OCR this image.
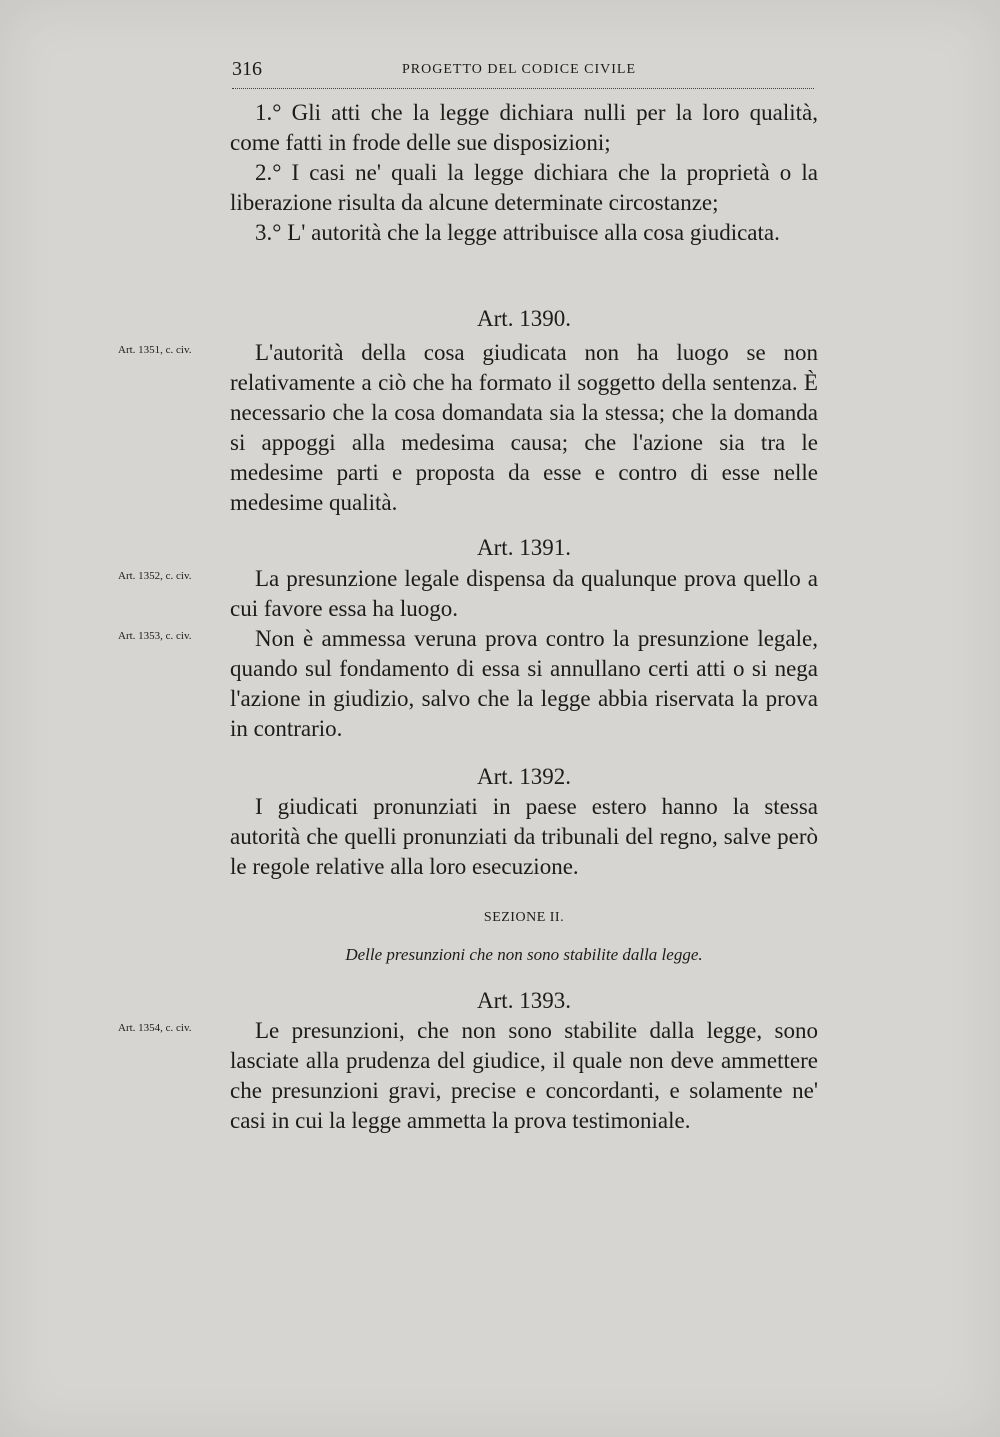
316	PROGETTO DEL CODICE CIVILE

1.° Gli atti che la legge dichiara nulli per la loro qualità, come fatti in frode delle sue disposizioni;

2.° I casi ne' quali la legge dichiara che la proprietà o la liberazione risulta da alcune determinate circostanze;

3.° L' autorità che la legge attribuisce alla cosa giudicata.

Art. 1390.
Art. 1351, c. civ.	L'autorità della cosa giudicata non ha luogo se non relativamente a ciò che ha formato il soggetto della sentenza. È necessario che la cosa domandata sia la stessa; che la domanda si appoggi alla medesima causa; che l'azione sia tra le medesime parti e proposta da esse e contro di esse nelle medesime qualità.

Art. 1391.
Art. 1352, c. civ.
Art. 1353, c. civ.

La presunzione legale dispensa da qualunque prova quello a cui favore essa ha luogo.

Non è ammessa veruna prova contro la presunzione legale, quando sul fondamento di essa si annullano certi atti o si nega l'azione in giudizio, salvo che la legge abbia riservata la prova in contrario.

Art. 1392.

I giudicati pronunziati in paese estero hanno la stessa autorità che quelli pronunziati da tribunali del regno, salve però le regole relative alla loro esecuzione.

SEZIONE II.
Delle presunzioni che non sono stabilite dalla legge.
Art. 1393.
Art. 1354, c. civ.	Le presunzioni, che non sono stabilite dalla legge, sono lasciate alla prudenza del giudice, il quale non deve ammettere che presunzioni gravi, precise e concordanti, e solamente ne' casi in cui la legge ammetta la prova testimoniale.
